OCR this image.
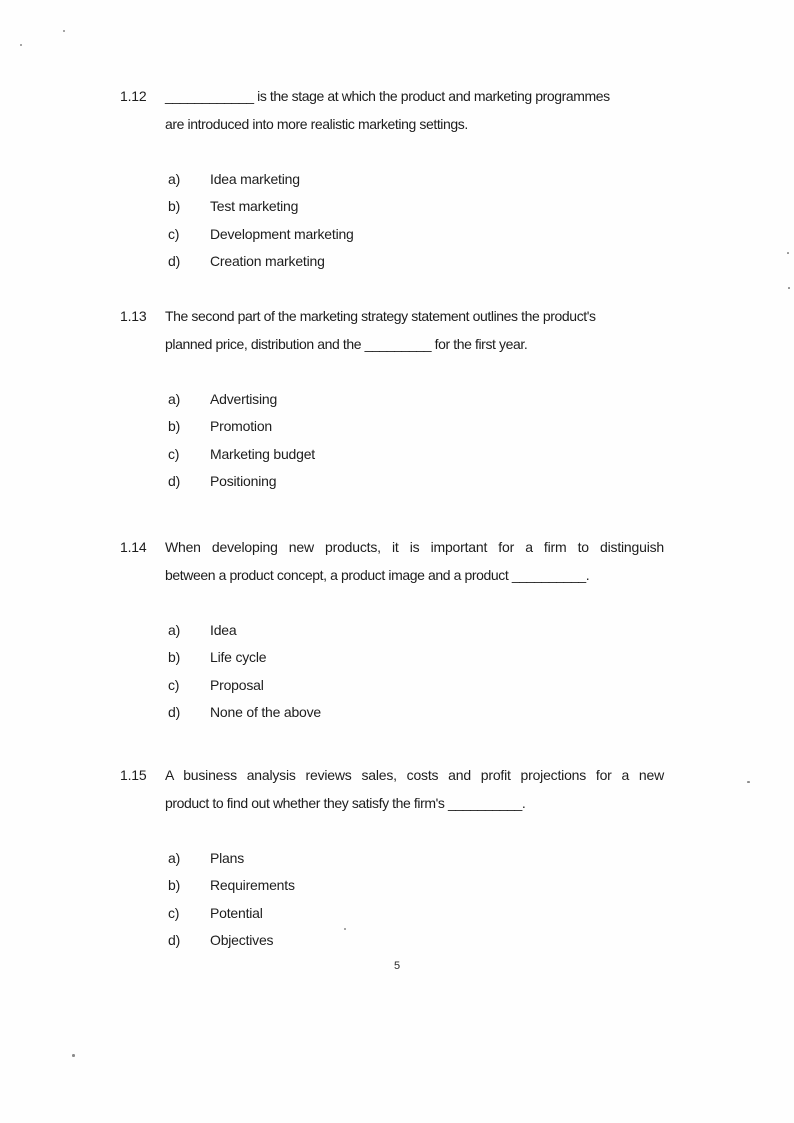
1.12	____________ is the stage at which the product and marketing programmes
are introduced into more realistic marketing settings.
a)	Idea marketing
b)	Test marketing
c)	Development marketing
d)	Creation marketing
1.13	The second part of the marketing strategy statement outlines the product's
planned price, distribution and the _________ for the first year.
a)	Advertising
b)	Promotion
c)	Marketing budget
d)	Positioning
1.14	When developing new products, it is important for a firm to distinguish
between a product concept, a product image and a product __________.
a)	Idea
b)	Life cycle
c)	Proposal
d)	None of the above
1.15	A business analysis reviews sales, costs and profit projections for a new
product to find out whether they satisfy the firm's __________.
a)	Plans
b)	Requirements
c)	Potential
d)	Objectives
5
